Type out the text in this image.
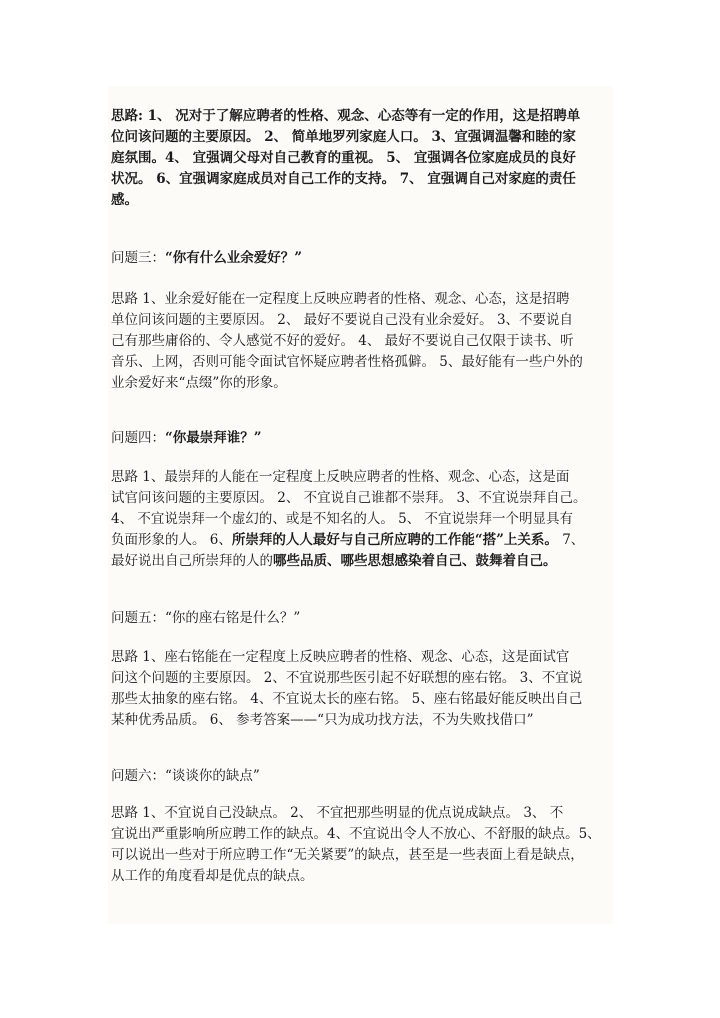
思路: 1、 况对于了解应聘者的性格、观念、心态等有一定的作用，这是招聘单
位问该问题的主要原因。 2、 简单地罗列家庭人口。 3、宜强调温馨和睦的家
庭氛围。4、 宜强调父母对自己教育的重视。 5、 宜强调各位家庭成员的良好
状况。 6、宜强调家庭成员对自己工作的支持。 7、 宜强调自己对家庭的责任
感。
问题三：“你有什么业余爱好？”
思路 1、业余爱好能在一定程度上反映应聘者的性格、观念、心态，这是招聘
单位问该问题的主要原因。 2、 最好不要说自己没有业余爱好。 3、不要说自
己有那些庸俗的、令人感觉不好的爱好。 4、 最好不要说自己仅限于读书、听
音乐、上网，否则可能令面试官怀疑应聘者性格孤僻。 5、最好能有一些户外的
业余爱好来“点缀”你的形象。
问题四：“你最崇拜谁？”
思路 1、最崇拜的人能在一定程度上反映应聘者的性格、观念、心态，这是面
试官问该问题的主要原因。 2、 不宜说自己谁都不崇拜。 3、不宜说崇拜自己。
4、 不宜说崇拜一个虚幻的、或是不知名的人。 5、 不宜说崇拜一个明显具有
负面形象的人。 6、所崇拜的人人最好与自己所应聘的工作能“搭”上关系。 7、
最好说出自己所崇拜的人的哪些品质、哪些思想感染着自己、鼓舞着自己。
问题五：“你的座右铭是什么？”
思路 1、座右铭能在一定程度上反映应聘者的性格、观念、心态，这是面试官
问这个问题的主要原因。 2、不宜说那些医引起不好联想的座右铭。 3、不宜说
那些太抽象的座右铭。 4、不宜说太长的座右铭。 5、座右铭最好能反映出自己
某种优秀品质。 6、 参考答案——“只为成功找方法，不为失败找借口”
问题六：“谈谈你的缺点”
思路 1、不宜说自己没缺点。 2、 不宜把那些明显的优点说成缺点。 3、 不
宜说出严重影响所应聘工作的缺点。4、不宜说出令人不放心、不舒服的缺点。5、
可以说出一些对于所应聘工作“无关紧要”的缺点，甚至是一些表面上看是缺点，
从工作的角度看却是优点的缺点。
